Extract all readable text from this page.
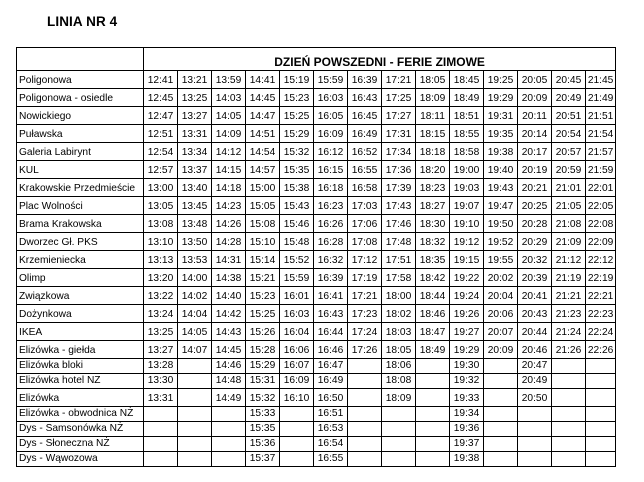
LINIA NR 4
	DZIEŃ POWSZEDNI - FERIE ZIMOWE													
Poligonowa	12:41	13:21	13:59	14:41	15:19	15:59	16:39	17:21	18:05	18:45	19:25	20:05	20:45	21:45
Poligonowa - osiedle	12:45	13:25	14:03	14:45	15:23	16:03	16:43	17:25	18:09	18:49	19:29	20:09	20:49	21:49
Nowickiego	12:47	13:27	14:05	14:47	15:25	16:05	16:45	17:27	18:11	18:51	19:31	20:11	20:51	21:51
Puławska	12:51	13:31	14:09	14:51	15:29	16:09	16:49	17:31	18:15	18:55	19:35	20:14	20:54	21:54
Galeria Labirynt	12:54	13:34	14:12	14:54	15:32	16:12	16:52	17:34	18:18	18:58	19:38	20:17	20:57	21:57
KUL	12:57	13:37	14:15	14:57	15:35	16:15	16:55	17:36	18:20	19:00	19:40	20:19	20:59	21:59
Krakowskie Przedmieście	13:00	13:40	14:18	15:00	15:38	16:18	16:58	17:39	18:23	19:03	19:43	20:21	21:01	22:01
Plac Wolności	13:05	13:45	14:23	15:05	15:43	16:23	17:03	17:43	18:27	19:07	19:47	20:25	21:05	22:05
Brama Krakowska	13:08	13:48	14:26	15:08	15:46	16:26	17:06	17:46	18:30	19:10	19:50	20:28	21:08	22:08
Dworzec Gł. PKS	13:10	13:50	14:28	15:10	15:48	16:28	17:08	17:48	18:32	19:12	19:52	20:29	21:09	22:09
Krzemieniecka	13:13	13:53	14:31	15:14	15:52	16:32	17:12	17:51	18:35	19:15	19:55	20:32	21:12	22:12
Olimp	13:20	14:00	14:38	15:21	15:59	16:39	17:19	17:58	18:42	19:22	20:02	20:39	21:19	22:19
Związkowa	13:22	14:02	14:40	15:23	16:01	16:41	17:21	18:00	18:44	19:24	20:04	20:41	21:21	22:21
Dożynkowa	13:24	14:04	14:42	15:25	16:03	16:43	17:23	18:02	18:46	19:26	20:06	20:43	21:23	22:23
IKEA	13:25	14:05	14:43	15:26	16:04	16:44	17:24	18:03	18:47	19:27	20:07	20:44	21:24	22:24
Elizówka - giełda	13:27	14:07	14:45	15:28	16:06	16:46	17:26	18:05	18:49	19:29	20:09	20:46	21:26	22:26
Elizówka bloki	13:28		14:46	15:29	16:07	16:47		18:06		19:30		20:47		
Elizówka hotel NZ	13:30		14:48	15:31	16:09	16:49		18:08		19:32		20:49		
Elizówka	13:31		14:49	15:32	16:10	16:50		18:09		19:33		20:50		
Elizówka - obwodnica NŻ				15:33		16:51				19:34				
Dys - Samsonówka NŻ				15:35		16:53				19:36				
Dys - Słoneczna NŻ				15:36		16:54				19:37				
Dys - Wąwozowa				15:37		16:55				19:38				
